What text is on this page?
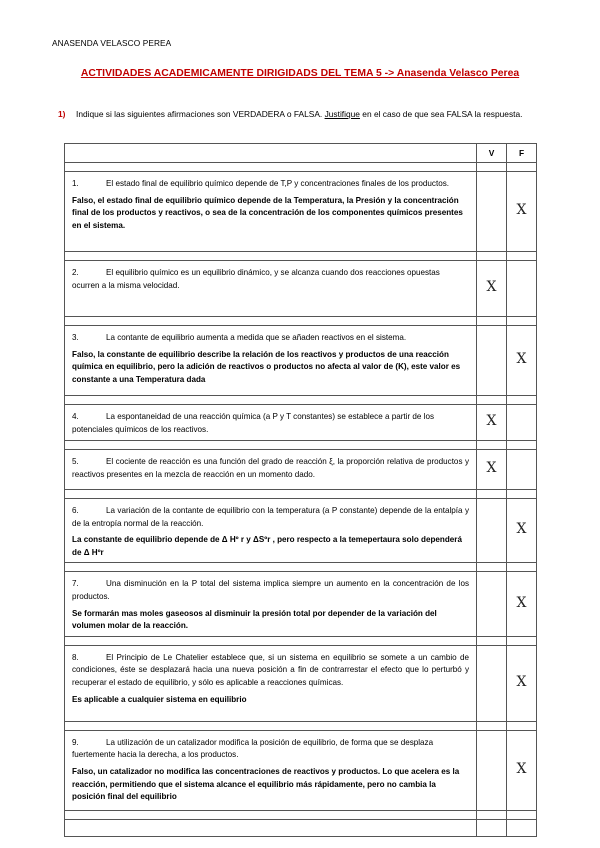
ANASENDA VELASCO PEREA
ACTIVIDADES ACADEMICAMENTE DIRIGIDADS DEL TEMA 5 -> Anasenda Velasco Perea
1) Indique si las siguientes afirmaciones son VERDADERA o FALSA. Justifique en el caso de que sea FALSA la respuesta.
	V	F

1. El estado final de equilibrio químico depende de T,P y concentraciones finales de los productos.
Falso, el estado final de equilibrio químico depende de la Temperatura, la Presión y la concentración final de los productos y reactivos, o sea de la concentración de los componentes químicos presentes en el sistema.		X

2. El equilibrio químico es un equilibrio dinámico, y se alcanza cuando dos reacciones opuestas ocurren a la misma velocidad.	X	

3. La contante de equilibrio aumenta a medida que se añaden reactivos en el sistema.
Falso, la constante de equilibrio describe la relación de los reactivos y productos de una reacción química en equilibrio, pero la adición de reactivos o productos no afecta al valor de (K), este valor es constante a una Temperatura dada		X

4. La espontaneidad de una reacción química (a P y T constantes) se establece a partir de los potenciales químicos de los reactivos.	X	

5. El cociente de reacción es una función del grado de reacción ξ, la proporción relativa de productos y reactivos presentes en la mezcla de reacción en un momento dado.	X	

6. La variación de la contante de equilibrio con la temperatura (a P constante) depende de la entalpía y de la entropía normal de la reacción.
La constante de equilibrio depende de Δ Hº r y ΔSºr , pero respecto a la temepertaura solo dependerá de Δ Hºr		X

7. Una disminución en la P total del sistema implica siempre un aumento en la concentración de los productos.
Se formarán mas moles gaseosos al disminuir la presión total por depender de la variación del volumen molar de la reacción.		X

8. El Principio de Le Chatelier establece que, si un sistema en equilibrio se somete a un cambio de condiciones, éste se desplazará hacia una nueva posición a fin de contrarrestar el efecto que lo perturbó y recuperar el estado de equilibrio, y sólo es aplicable a reacciones químicas.
Es aplicable a cualquier sistema en equilibrio		X

9. La utilización de un catalizador modifica la posición de equilibrio, de forma que se desplaza fuertemente hacia la derecha, a los productos.
Falso, un catalizador no modifica las concentraciones de reactivos y productos. Lo que acelera es la reacción, permitiendo que el sistema alcance el equilibrio más rápidamente, pero no cambia la posición final del equilibrio		X
